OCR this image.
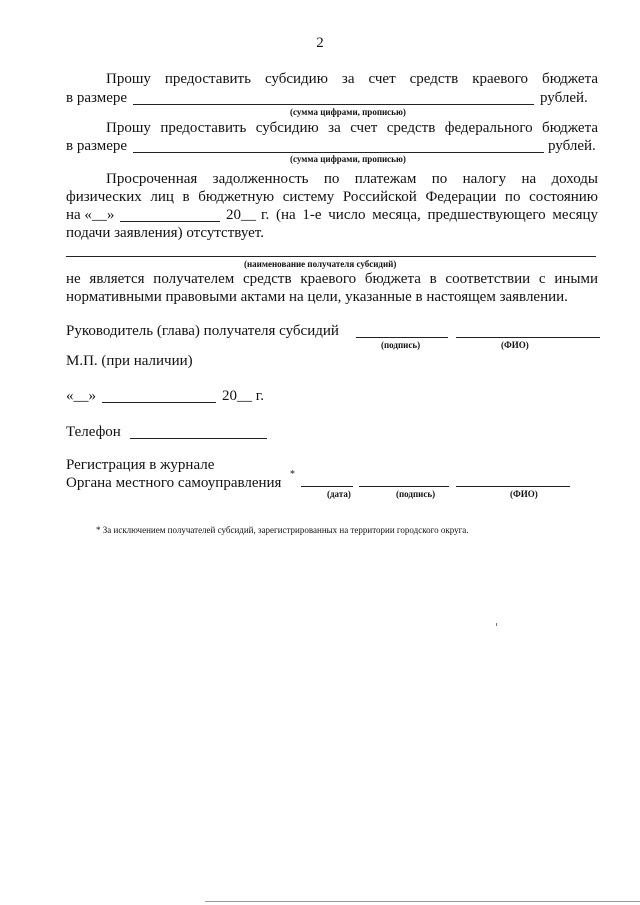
2
Прошу предоставить субсидию за счет средств краевого бюджета
в размере	рублей.
(сумма цифрами, прописью)
Прошу предоставить субсидию за счет средств федерального бюджета
в размере	рублей.
(сумма цифрами, прописью)
Просроченная задолженность по платежам по налогу на доходы
физических лиц в бюджетную систему Российской Федерации по состоянию
на «__»	20__ г. (на 1-е число месяца, предшествующего месяцу
подачи заявления) отсутствует.
(наименование получателя субсидий)
не является получателем средств краевого бюджета в соответствии с иными
нормативными правовыми актами на цели, указанные в настоящем заявлении.
Руководитель (глава) получателя субсидий
(подпись)	(ФИО)
М.П. (при наличии)
«__»	20__ г.
Телефон
Регистрация в журнале
Органа местного самоуправления
*
(дата)	(подпись)	(ФИО)
* За исключением получателей субсидий, зарегистрированных на территории городского округа.
